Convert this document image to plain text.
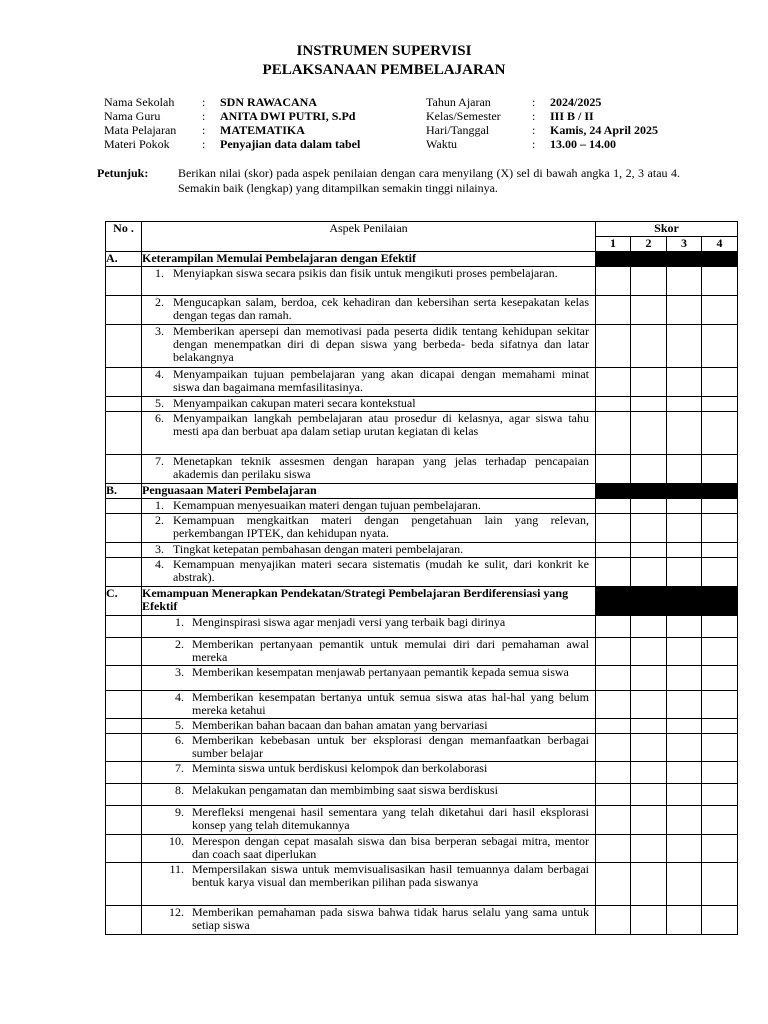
INSTRUMEN SUPERVISI
PELAKSANAAN PEMBELAJARAN
Nama Sekolah : SDN RAWACANA	Tahun Ajaran	: 2024/2025
Nama Guru	: ANITA DWI PUTRI, S.Pd	Kelas/Semester	: III B / II
Mata Pelajaran : MATEMATIKA	Hari/Tanggal	: Kamis, 24 April 2025
Materi Pokok	: Penyajian data dalam tabel	Waktu	: 13.00 – 14.00
Petunjuk: Berikan nilai (skor) pada aspek penilaian dengan cara menyilang (X) sel di bawah angka 1, 2, 3 atau 4. Semakin baik (lengkap) yang ditampilkan semakin tinggi nilainya.
No .	Aspek Penilaian	Skor			
		1	2	3	4
A.	Keterampilan Memulai Pembelajaran dengan Efektif				

	1. Menyiapkan siswa secara psikis dan fisik untuk mengikuti proses pembelajaran.				

	2. Mengucapkan salam, berdoa, cek kehadiran dan kebersihan serta kesepakatan kelas dengan tegas dan ramah.				

	3. Memberikan apersepi dan memotivasi pada peserta didik tentang kehidupan sekitar dengan menempatkan diri di depan siswa yang berbeda- beda sifatnya dan latar belakangnya				

	4. Menyampaikan tujuan pembelajaran yang akan dicapai dengan memahami minat siswa dan bagaimana memfasilitasinya.				

	5. Menyampaikan cakupan materi secara kontekstual				

	6. Menyampaikan langkah pembelajaran atau prosedur di kelasnya, agar siswa tahu mesti apa dan berbuat apa dalam setiap urutan kegiatan di kelas				

	7. Menetapkan teknik assesmen dengan harapan yang jelas terhadap pencapaian akademis dan perilaku siswa				

B.	Penguasaan Materi Pembelajaran				

	1. Kemampuan menyesuaikan materi dengan tujuan pembelajaran.				

	2. Kemampuan mengkaitkan materi dengan pengetahuan lain yang relevan, perkembangan IPTEK, dan kehidupan nyata.				

	3. Tingkat ketepatan pembahasan dengan materi pembelajaran.				

	4. Kemampuan menyajikan materi secara sistematis (mudah ke sulit, dari konkrit ke abstrak).				

C.	Kemampuan Menerapkan Pendekatan/Strategi Pembelajaran Berdiferensiasi yang Efektif				

	1. Menginspirasi siswa agar menjadi versi yang terbaik bagi dirinya				

	2. Memberikan pertanyaan pemantik untuk memulai diri dari pemahaman awal mereka				

	3. Memberikan kesempatan menjawab pertanyaan pemantik kepada semua siswa				

	4. Memberikan kesempatan bertanya untuk semua siswa atas hal-hal yang belum mereka ketahui				

	5. Memberikan bahan bacaan dan bahan amatan yang bervariasi				

	6. Memberikan kebebasan untuk ber eksplorasi dengan memanfaatkan berbagai sumber belajar				

	7. Meminta siswa untuk berdiskusi kelompok dan berkolaborasi				

	8. Melakukan pengamatan dan membimbing saat siswa berdiskusi				

	9. Merefleksi mengenai hasil sementara yang telah diketahui dari hasil eksplorasi konsep yang telah ditemukannya				

	10. Merespon dengan cepat masalah siswa dan bisa berperan sebagai mitra, mentor dan coach saat diperlukan				

	11. Mempersilakan siswa untuk memvisualisasikan hasil temuannya dalam berbagai bentuk karya visual dan memberikan pilihan pada siswanya				

	12. Memberikan pemahaman pada siswa bahwa tidak harus selalu yang sama untuk setiap siswa				
